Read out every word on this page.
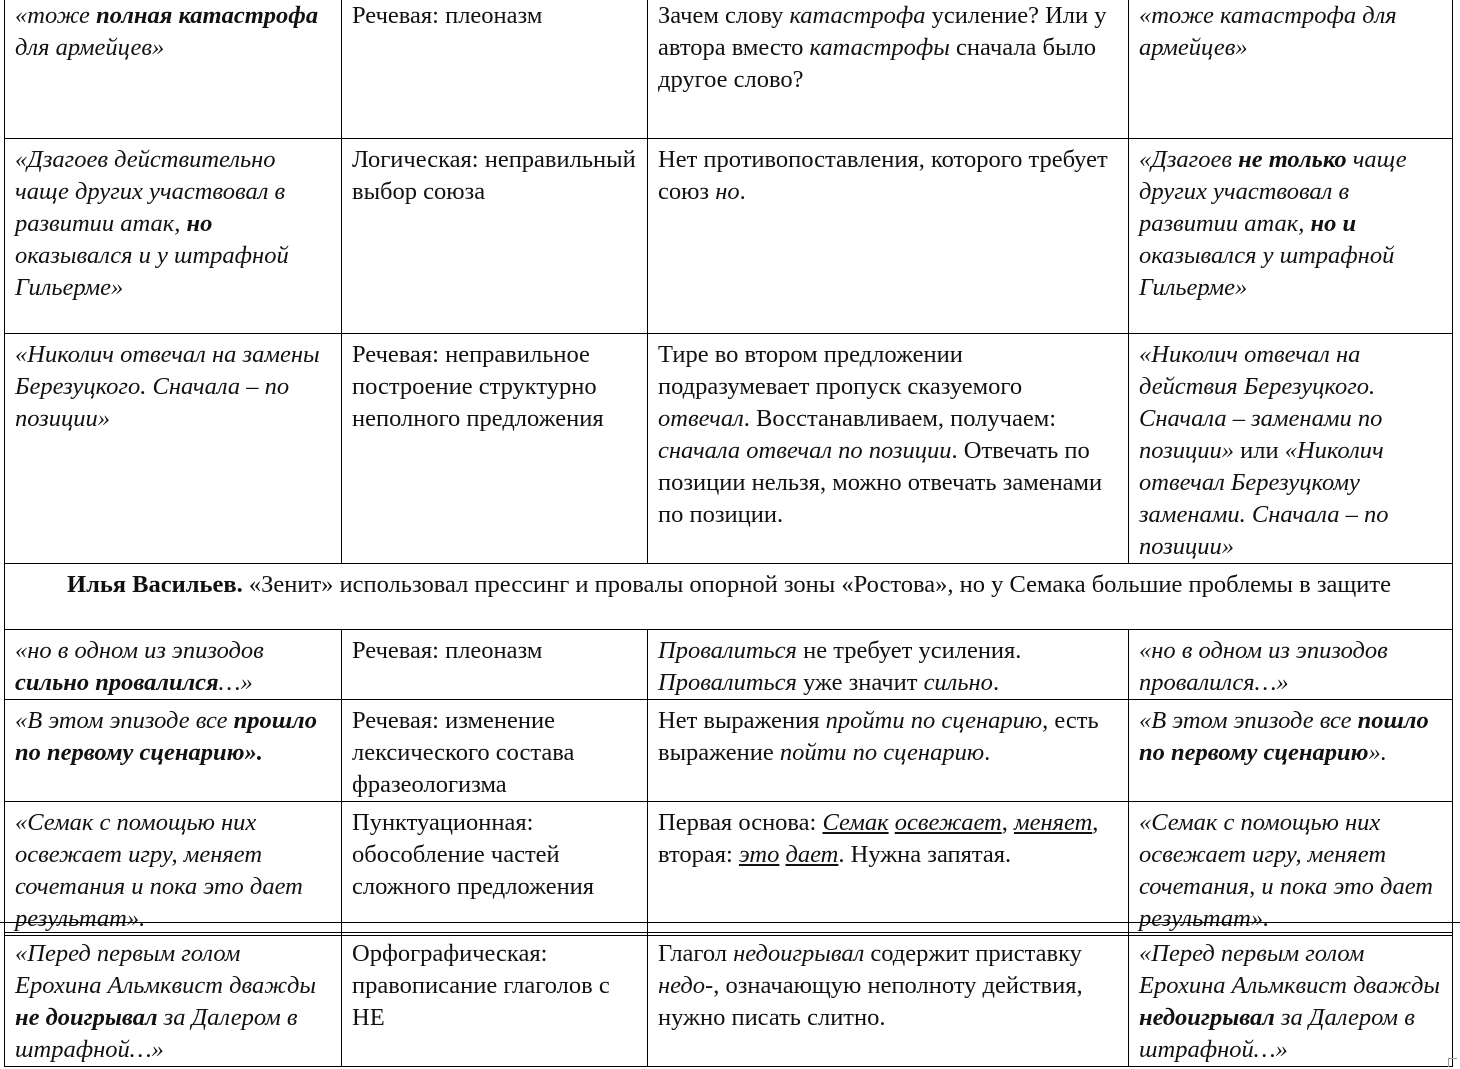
«тоже полная катастрофа для армейцев»	Речевая: плеоназм	Зачем слову катастрофа усиление? Или у автора вместо катастрофы сначала было другое слово?	«тоже катастрофа для армейцев»
«Дзагоев действительно чаще других участвовал в развитии атак, но оказывался и у штрафной Гильерме»	Логическая: неправильный выбор союза	Нет противопоставления, которого требует союз но.	«Дзагоев не только чаще других участвовал в развитии атак, но и оказывался у штрафной Гильерме»
«Николич отвечал на замены Березуцкого. Сначала – по позиции»	Речевая: неправильное построение структурно неполного предложения	Тире во втором предложении подразумевает пропуск сказуемого отвечал. Восстанавливаем, получаем: сначала отвечал по позиции. Отвечать по позиции нельзя, можно отвечать заменами по позиции.	«Николич отвечал на действия Березуцкого. Сначала – заменами по позиции» или «Николич отвечал Березуцкому заменами. Сначала – по позиции»
Илья Васильев. «Зенит» использовал прессинг и провалы опорной зоны «Ростова», но у Семака большие проблемы в защите			
«но в одном из эпизодов сильно провалился…»	Речевая: плеоназм	Провалиться не требует усиления. Провалиться уже значит сильно.	«но в одном из эпизодов провалился…»
«В этом эпизоде все прошло по первому сценарию».	Речевая: изменение лексического состава фразеологизма	Нет выражения пройти по сценарию, есть выражение пойти по сценарию.	«В этом эпизоде все пошло по первому сценарию».
«Семак с помощью них освежает игру, меняет сочетания и пока это дает результат».	Пунктуационная: обособление частей сложного предложения	Первая основа: Семак освежает, меняет, вторая: это дает. Нужна запятая.	«Семак с помощью них освежает игру, меняет сочетания, и пока это дает результат».
«Перед первым голом Ерохина Альмквист дважды не доигрывал за Далером в штрафной…»	Орфографическая: правописание глаголов с НЕ	Глагол недоигрывал содержит приставку недо-, означающую неполноту действия, нужно писать слитно.	«Перед первым голом Ерохина Альмквист дважды недоигрывал за Далером в штрафной…»
